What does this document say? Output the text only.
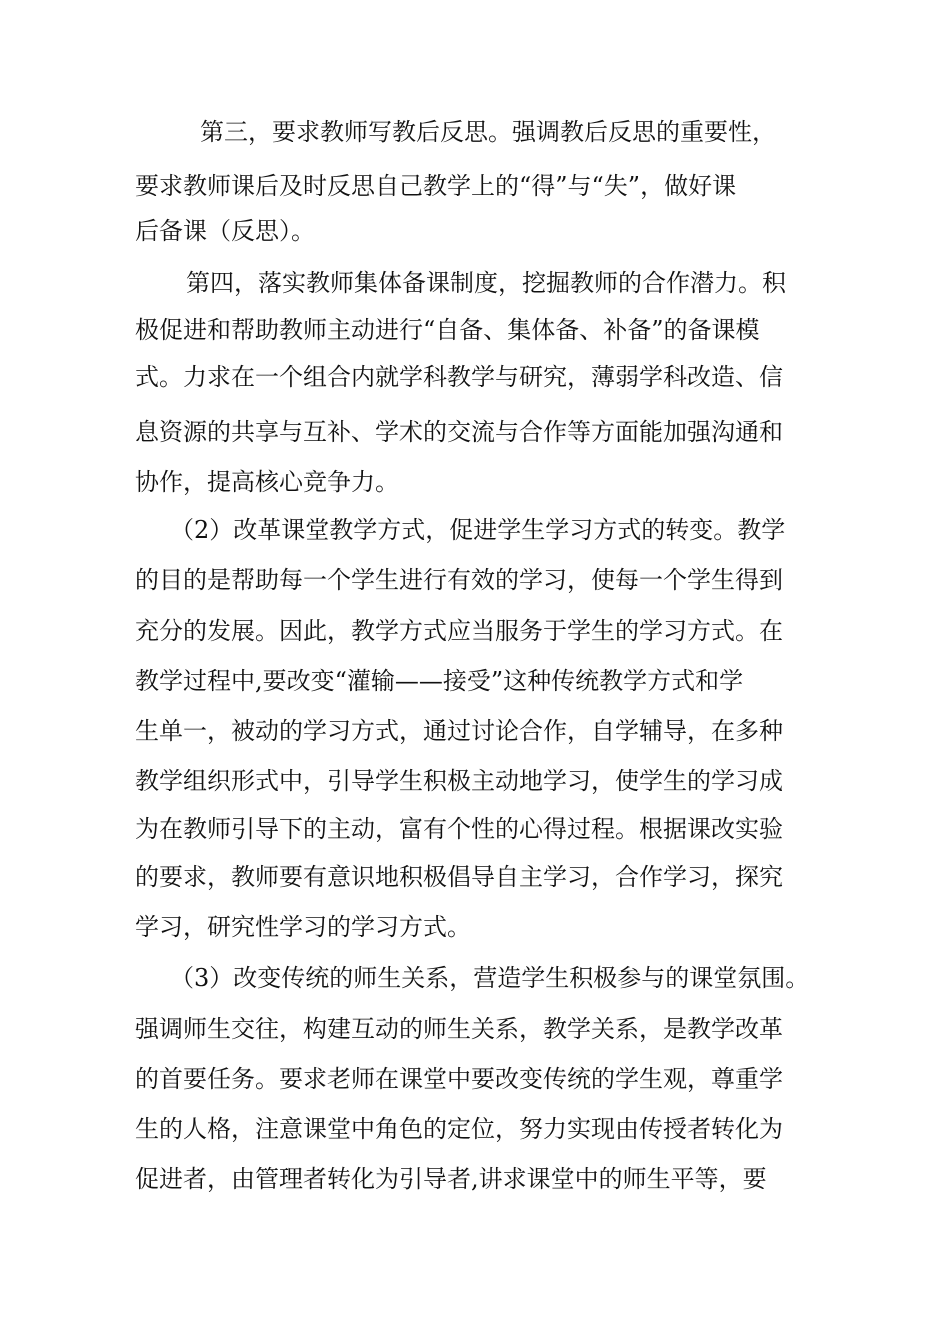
第三，要求教师写教后反思。强调教后反思的重要性，

要求教师课后及时反思自己教学上的“得”与“失”，做好课

后备课（反思）。

第四，落实教师集体备课制度，挖掘教师的合作潜力。积

极促进和帮助教师主动进行“自备、集体备、补备”的备课模

式。力求在一个组合内就学科教学与研究，薄弱学科改造、信

息资源的共享与互补、学术的交流与合作等方面能加强沟通和

协作，提高核心竞争力。

（2）改革课堂教学方式，促进学生学习方式的转变。教学

的目的是帮助每一个学生进行有效的学习，使每一个学生得到

充分的发展。因此，教学方式应当服务于学生的学习方式。在

教学过程中,要改变“灌输——接受”这种传统教学方式和学

生单一，被动的学习方式，通过讨论合作，自学辅导，在多种

教学组织形式中，引导学生积极主动地学习，使学生的学习成

为在教师引导下的主动，富有个性的心得过程。根据课改实验

的要求，教师要有意识地积极倡导自主学习，合作学习，探究

学习，研究性学习的学习方式。

（3）改变传统的师生关系，营造学生积极参与的课堂氛围。

强调师生交往，构建互动的师生关系，教学关系，是教学改革

的首要任务。要求老师在课堂中要改变传统的学生观，尊重学

生的人格，注意课堂中角色的定位，努力实现由传授者转化为

促进者，由管理者转化为引导者,讲求课堂中的师生平等，要
